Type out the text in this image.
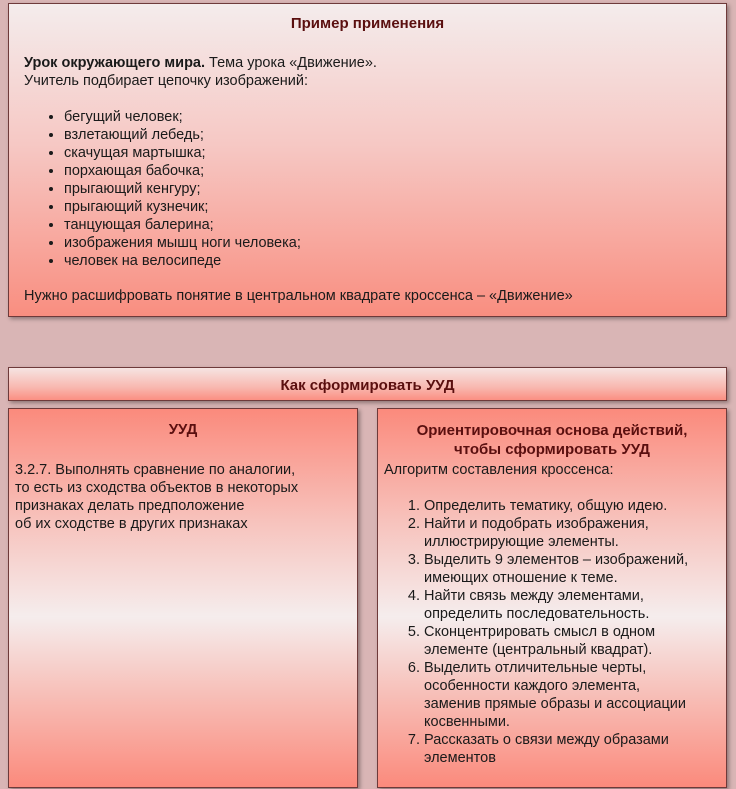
Пример применения
Урок окружающего мира. Тема урока «Движение».
Учитель подбирает цепочку изображений:
• бегущий человек;
• взлетающий лебедь;
• скачущая мартышка;
• порхающая бабочка;
• прыгающий кенгуру;
• прыгающий кузнечик;
• танцующая балерина;
• изображения мышц ноги человека;
• человек на велосипеде
Нужно расшифровать понятие в центральном квадрате кроссенса – «Движение»
Как сформировать УУД
УУД
3.2.7. Выполнять сравнение по аналогии,
то есть из сходства объектов в некоторых
признаках делать предположение
об их сходстве в других признаках
Ориентировочная основа действий,
чтобы сформировать УУД
Алгоритм составления кроссенса:
1. Определить тематику, общую идею.
2. Найти и подобрать изображения,
иллюстрирующие элементы.
3. Выделить 9 элементов – изображений,
имеющих отношение к теме.
4. Найти связь между элементами,
определить последовательность.
5. Сконцентрировать смысл в одном
элементе (центральный квадрат).
6. Выделить отличительные черты,
особенности каждого элемента,
заменив прямые образы и ассоциации
косвенными.
7. Рассказать о связи между образами
элементов
